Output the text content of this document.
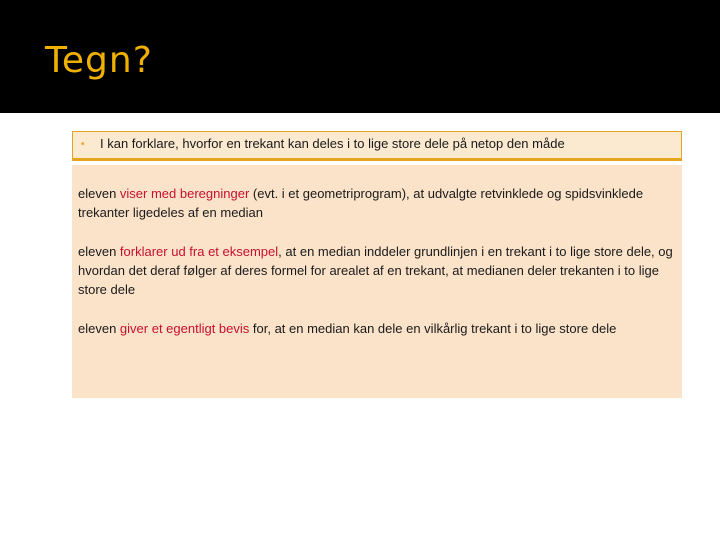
Tegn?
• I kan forklare, hvorfor en trekant kan deles i to lige store dele på netop den måde

eleven viser med beregninger (evt. i et geometriprogram), at udvalgte retvinklede og spidsvinklede trekanter ligedeles af en median

eleven forklarer ud fra et eksempel, at en median inddeler grundlinjen i en trekant i to lige store dele, og hvordan det deraf følger af deres formel for arealet af en trekant, at medianen deler trekanten i to lige store dele

eleven giver et egentligt bevis for, at en median kan dele en vilkårlig trekant i to lige store dele
